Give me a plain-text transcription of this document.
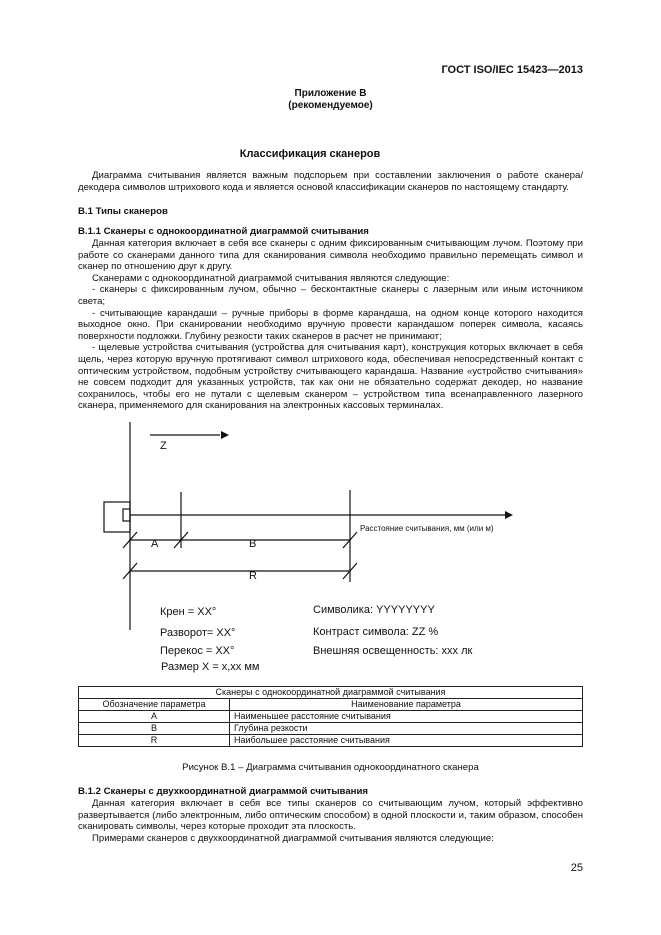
ГОСТ ISO/IEC 15423—2013
Приложение В
(рекомендуемое)
Классификация сканеров

Диаграмма считывания является важным подспорьем при составлении заключения о работе сканера/декодера символов штрихового кода и является основой классификации сканеров по настоящему стандарту.

В.1 Типы сканеров
В.1.1 Сканеры с однокоординатной диаграммой считывания

Данная категория включает в себя все сканеры с одним фиксированным считывающим лучом. Поэтому при работе со сканерами данного типа для сканирования символа необходимо правильно перемещать символ и сканер по отношению друг к другу.

Сканерами с однокоординатной диаграммой считывания являются следующие:

- сканеры с фиксированным лучом, обычно – бесконтактные сканеры с лазерным или иным источником света;

- считывающие карандаши – ручные приборы в форме карандаша, на одном конце которого находится выходное окно. При сканировании необходимо вручную провести карандашом поперек символа, касаясь поверхности подложки. Глубину резкости таких сканеров в расчет не принимают;

- щелевые устройства считывания (устройства для считывания карт), конструкция которых включает в себя щель, через которую вручную протягивают символ штрихового кода, обеспечивая непосредственный контакт с оптическим устройством, подобным устройству считывающего карандаша. Название «устройство считывания» не совсем подходит для указанных устройств, так как они не обязательно содержат декодер, но название сохранилось, чтобы его не путали с щелевым сканером – устройством типа всенаправленного лазерного сканера, применяемого для сканирования на электронных кассовых терминалах.

Z
Расстояние считывания, мм (или м)
A	B
R
Крен = XX°
Разворот= XX°
Перекос = XX°
Размер X = x,xx мм
Символика: YYYYYYYY
Контраст символа: ZZ %
Внешняя освещенность: xxx лк
Сканеры с однокоординатной диаграммой считывания	
Обозначение параметра	Наименование параметра
A	Наименьшее расстояние считывания
B	Глубина резкости
R	Наибольшее расстояние считывания
Рисунок В.1 – Диаграмма считывания однокоординатного сканера
В.1.2 Сканеры с двухкоординатной диаграммой считывания

Данная категория включает в себя все типы сканеров со считывающим лучом, который эффективно развертывается (либо электронным, либо оптическим способом) в одной плоскости и, таким образом, способен сканировать символы, через которые проходит эта плоскость.

Примерами сканеров с двухкоординатной диаграммой считывания являются следующие:

25
